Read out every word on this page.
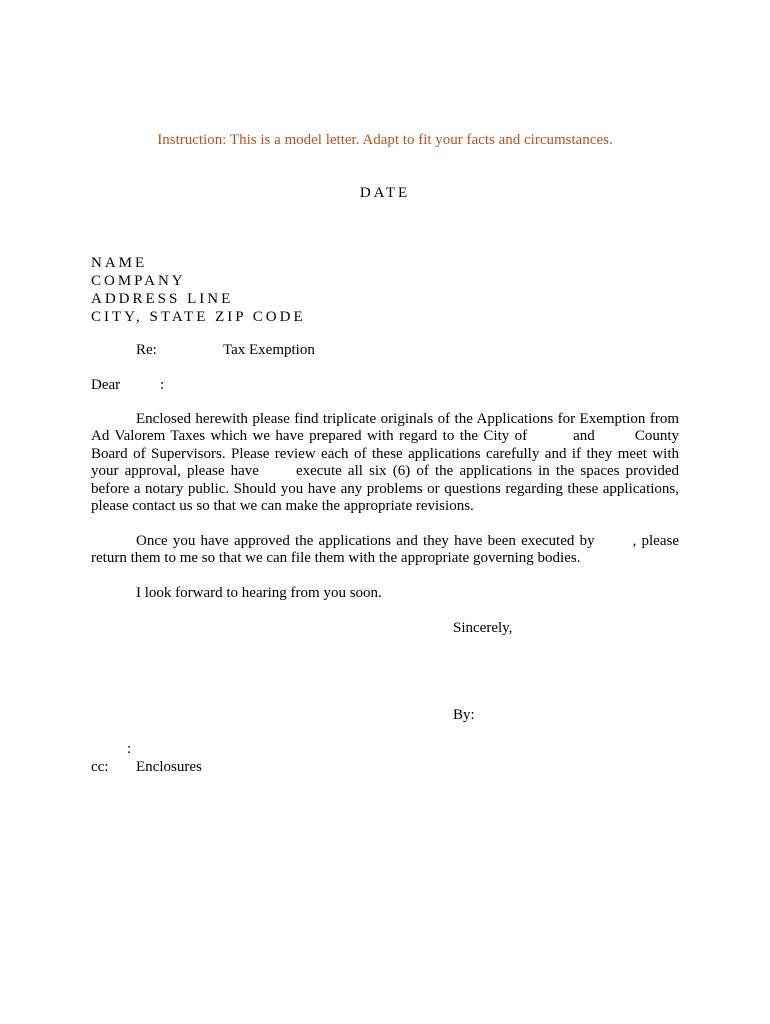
Instruction: This is a model letter. Adapt to fit your facts and circumstances.
DATE
NAME
COMPANY
ADDRESS LINE
CITY, STATE ZIP CODE
Re:	Tax Exemption
Dear	:
Enclosed herewith please find triplicate originals of the Applications for Exemption from Ad Valorem Taxes which we have prepared with regard to the City of	and	County Board of Supervisors. Please review each of these applications carefully and if they meet with your approval, please have execute all six (6) of the applications in the spaces provided before a notary public. Should you have any problems or questions regarding these applications, please contact us so that we can make the appropriate revisions.
Once you have approved the applications and they have been executed by	, please return them to me so that we can file them with the appropriate governing bodies.
I look forward to hearing from you soon.
Sincerely,
By:
:
cc: Enclosures
